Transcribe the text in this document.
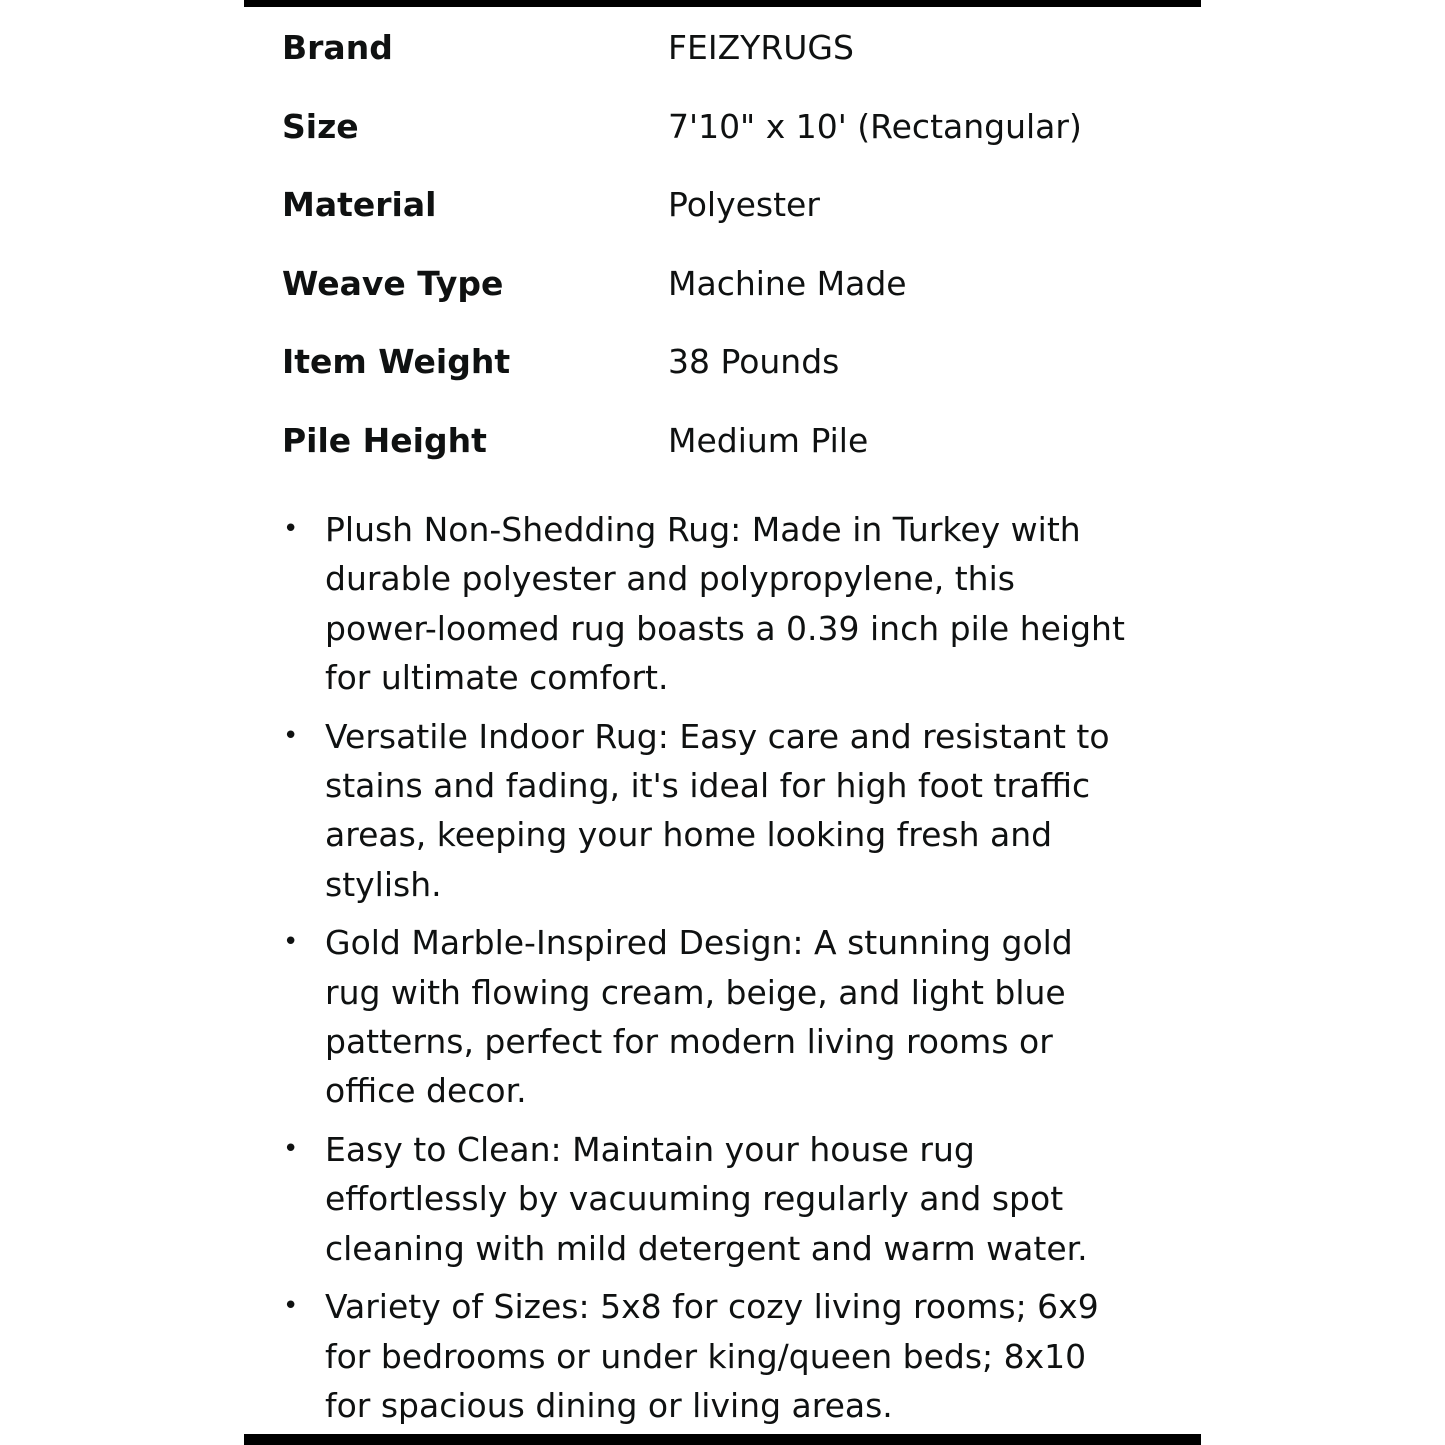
Brand	FEIZYRUGS
Size	7'10" x 10' (Rectangular)
Material	Polyester
Weave Type	Machine Made
Item Weight	38 Pounds
Pile Height	Medium Pile
• Plush Non-Shedding Rug: Made in Turkey with durable polyester and polypropylene, this power-loomed rug boasts a 0.39 inch pile height for ultimate comfort.
• Versatile Indoor Rug: Easy care and resistant to stains and fading, it's ideal for high foot traffic areas, keeping your home looking fresh and stylish.
• Gold Marble-Inspired Design: A stunning gold rug with flowing cream, beige, and light blue patterns, perfect for modern living rooms or office decor.
• Easy to Clean: Maintain your house rug effortlessly by vacuuming regularly and spot cleaning with mild detergent and warm water.
• Variety of Sizes: 5x8 for cozy living rooms; 6x9 for bedrooms or under king/queen beds; 8x10 for spacious dining or living areas.
